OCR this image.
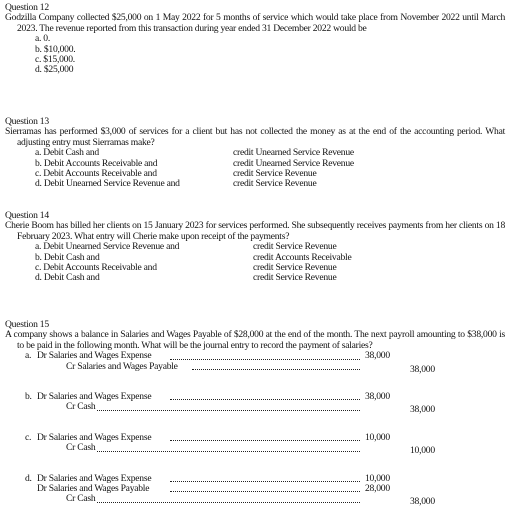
Question 12
Godzilla Company collected $25,000 on 1 May 2022 for 5 months of service which would take place from November 2022 until March 2023. The revenue reported from this transaction during year ended 31 December 2022 would be
a. 0.
b. $10,000.
c. $15,000.
d. $25,000
Question 13
Sierramas has performed $3,000 of services for a client but has not collected the money as at the end of the accounting period. What adjusting entry must Sierramas make?
a. Debit Cash and	credit Unearned Service Revenue
b. Debit Accounts Receivable and	credit Unearned Service Revenue
c. Debit Accounts Receivable and	credit Service Revenue
d. Debit Unearned Service Revenue and	credit Service Revenue
Question 14
Cherie Boom has billed her clients on 15 January 2023 for services performed. She subsequently receives payments from her clients on 18 February 2023. What entry will Cherie make upon receipt of the payments?
a. Debit Unearned Service Revenue and	credit Service Revenue
b. Debit Cash and	credit Accounts Receivable
c. Debit Accounts Receivable and	credit Service Revenue
d. Debit Cash and	credit Service Revenue
Question 15
A company shows a balance in Salaries and Wages Payable of $28,000 at the end of the month. The next payroll amounting to $38,000 is to be paid in the following month. What will be the journal entry to record the payment of salaries?
a. Dr Salaries and Wages Expense	38,000
Cr Salaries and Wages Payable	38,000
b. Dr Salaries and Wages Expense	38,000
Cr Cash	38,000
c. Dr Salaries and Wages Expense	10,000
Cr Cash	10,000
d. Dr Salaries and Wages Expense	10,000
Dr Salaries and Wages Payable	28,000
Cr Cash	38,000
